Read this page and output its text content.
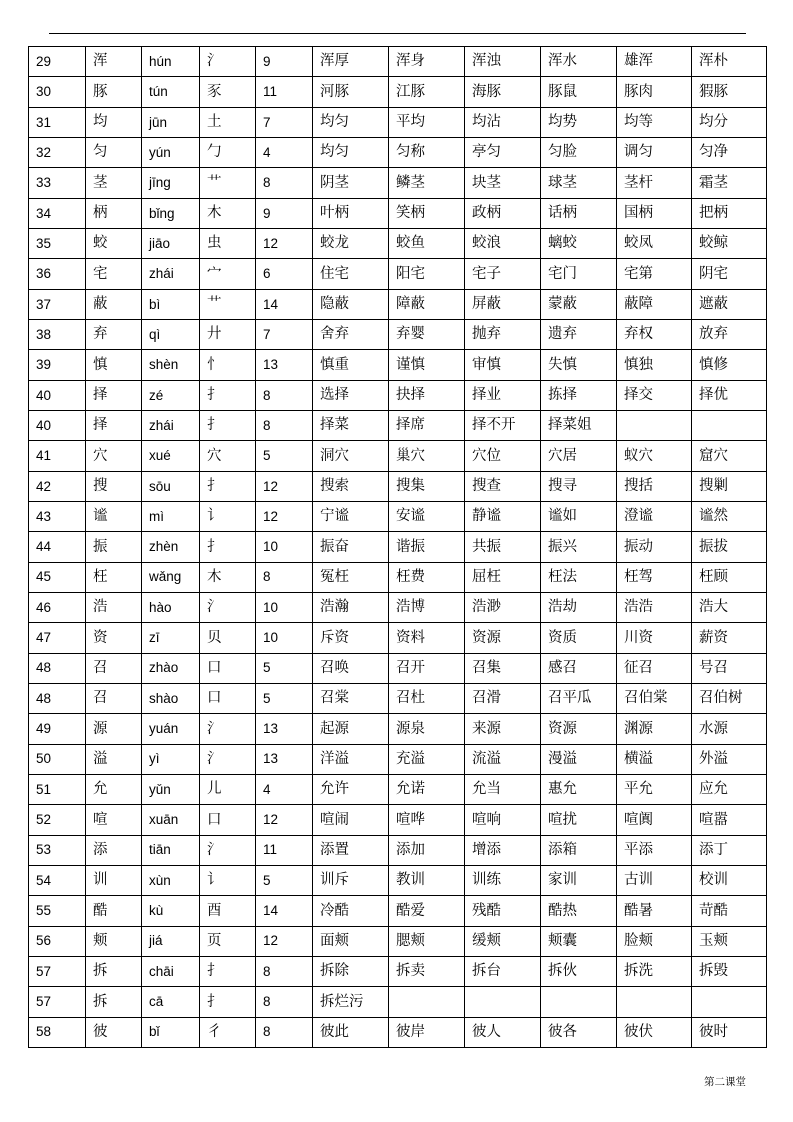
29	浑	hún	氵	9	浑厚	浑身	浑浊	浑水	雄浑	浑朴
30	豚	tún	豕	11	河豚	江豚	海豚	豚鼠	豚肉	猳豚
31	均	jūn	土	7	均匀	平均	均沾	均势	均等	均分
32	匀	yún	勹	4	均匀	匀称	亭匀	匀脸	调匀	匀净
33	茎	jīng	艹	8	阴茎	鳞茎	块茎	球茎	茎杆	霜茎
34	柄	bǐng	木	9	叶柄	笑柄	政柄	话柄	国柄	把柄
35	蛟	jiāo	虫	12	蛟龙	蛟鱼	蛟浪	螭蛟	蛟凤	蛟鲸
36	宅	zhái	宀	6	住宅	阳宅	宅子	宅门	宅第	阴宅
37	蔽	bì	艹	14	隐蔽	障蔽	屏蔽	蒙蔽	蔽障	遮蔽
38	弃	qì	廾	7	舍弃	弃婴	抛弃	遗弃	弃权	放弃
39	慎	shèn	忄	13	慎重	谨慎	审慎	失慎	慎独	慎修
40	择	zé	扌	8	选择	抉择	择业	拣择	择交	择优
40	择	zhái	扌	8	择菜	择席	择不开	择菜姐		
41	穴	xué	穴	5	洞穴	巢穴	穴位	穴居	蚁穴	窟穴
42	搜	sōu	扌	12	搜索	搜集	搜查	搜寻	搜括	搜剿
43	谧	mì	讠	12	宁谧	安谧	静谧	谧如	澄谧	谧然
44	振	zhèn	扌	10	振奋	谐振	共振	振兴	振动	振拔
45	枉	wǎng	木	8	冤枉	枉费	屈枉	枉法	枉驾	枉顾
46	浩	hào	氵	10	浩瀚	浩博	浩渺	浩劫	浩浩	浩大
47	资	zī	贝	10	斥资	资料	资源	资质	川资	薪资
48	召	zhào	口	5	召唤	召开	召集	感召	征召	号召
48	召	shào	口	5	召棠	召杜	召滑	召平瓜	召伯棠	召伯树
49	源	yuán	氵	13	起源	源泉	来源	资源	渊源	水源
50	溢	yì	氵	13	洋溢	充溢	流溢	漫溢	横溢	外溢
51	允	yǔn	儿	4	允许	允诺	允当	惠允	平允	应允
52	喧	xuān	口	12	喧闹	喧哗	喧响	喧扰	喧阗	喧嚣
53	添	tiān	氵	11	添置	添加	增添	添箱	平添	添丁
54	训	xùn	讠	5	训斥	教训	训练	家训	古训	校训
55	酷	kù	酉	14	冷酷	酷爱	残酷	酷热	酷暑	苛酷
56	颊	jiá	页	12	面颊	腮颊	缓颊	颊囊	脸颊	玉颊
57	拆	chāi	扌	8	拆除	拆卖	拆台	拆伙	拆洗	拆毁
57	拆	cā	扌	8	拆烂污					
58	彼	bǐ	彳	8	彼此	彼岸	彼人	彼各	彼伏	彼时
第二课堂
